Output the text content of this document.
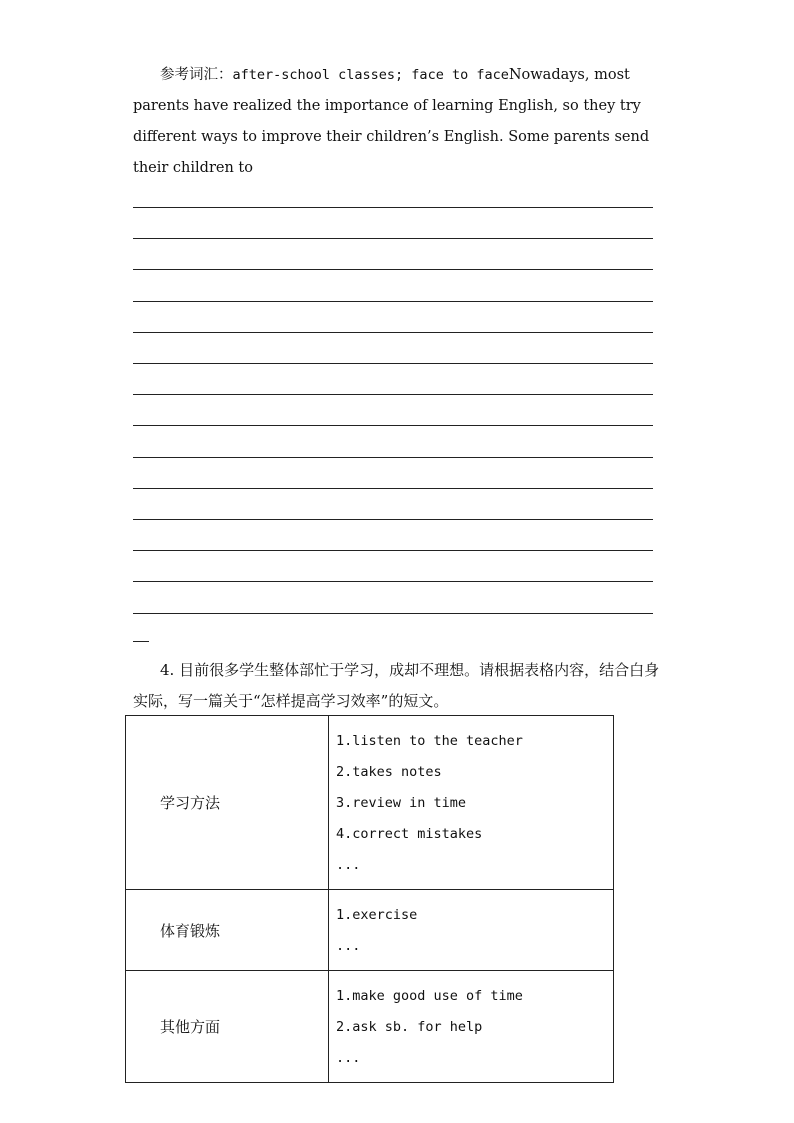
参考词汇：after-school classes; face to faceNowadays, most parents have realized the importance of learning English, so they try different ways to improve their children’s English. Some parents send their children to

4. 目前很多学生整体部忙于学习，成却不理想。请根据表格内容，结合白身实际，写一篇关于“怎样提高学习效率”的短文。

学习方法	1.listen to the teacher
2.takes notes
3.review in time
4.correct mistakes
...

体育锻炼	1.exercise
...

其他方面	1.make good use of time
2.ask sb. for help
...
